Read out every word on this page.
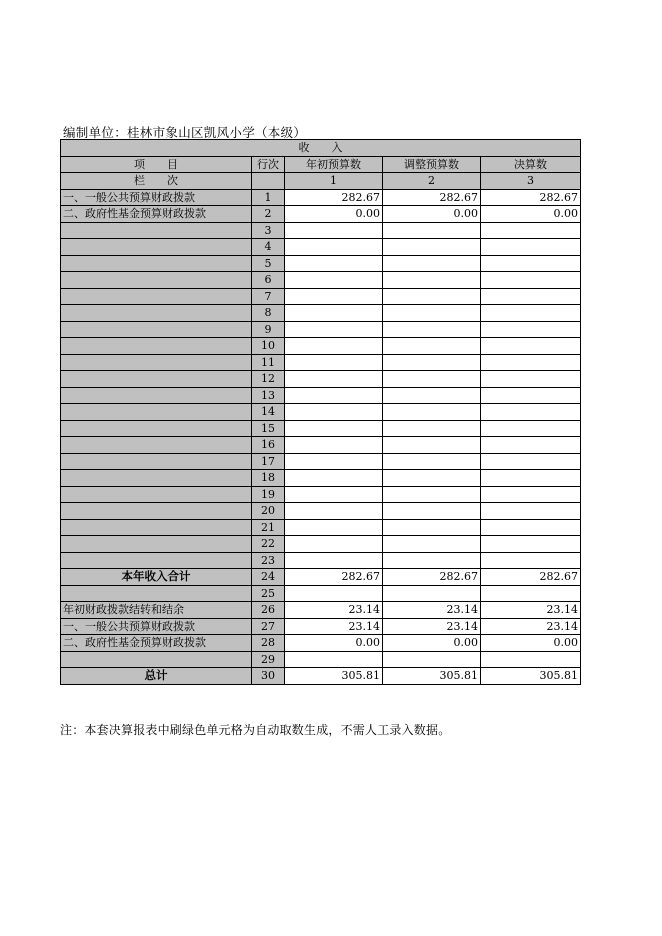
编制单位：桂林市象山区凯风小学（本级）
收　　入				
项　　目	行次	年初预算数	调整预算数	决算数
栏　　次		1	2	3
一、一般公共预算财政拨款	1	282.67	282.67	282.67
二、政府性基金预算财政拨款	2	0.00	0.00	0.00
	3			
	4			
	5			
	6			
	7			
	8			
	9			
	10			
	11			
	12			
	13			
	14			
	15			
	16			
	17			
	18			
	19			
	20			
	21			
	22			
	23			
本年收入合计	24	282.67	282.67	282.67
	25			
年初财政拨款结转和结余	26	23.14	23.14	23.14
一、一般公共预算财政拨款	27	23.14	23.14	23.14
二、政府性基金预算财政拨款	28	0.00	0.00	0.00
	29			
总计	30	305.81	305.81	305.81
注：本套决算报表中刷绿色单元格为自动取数生成，不需人工录入数据。
